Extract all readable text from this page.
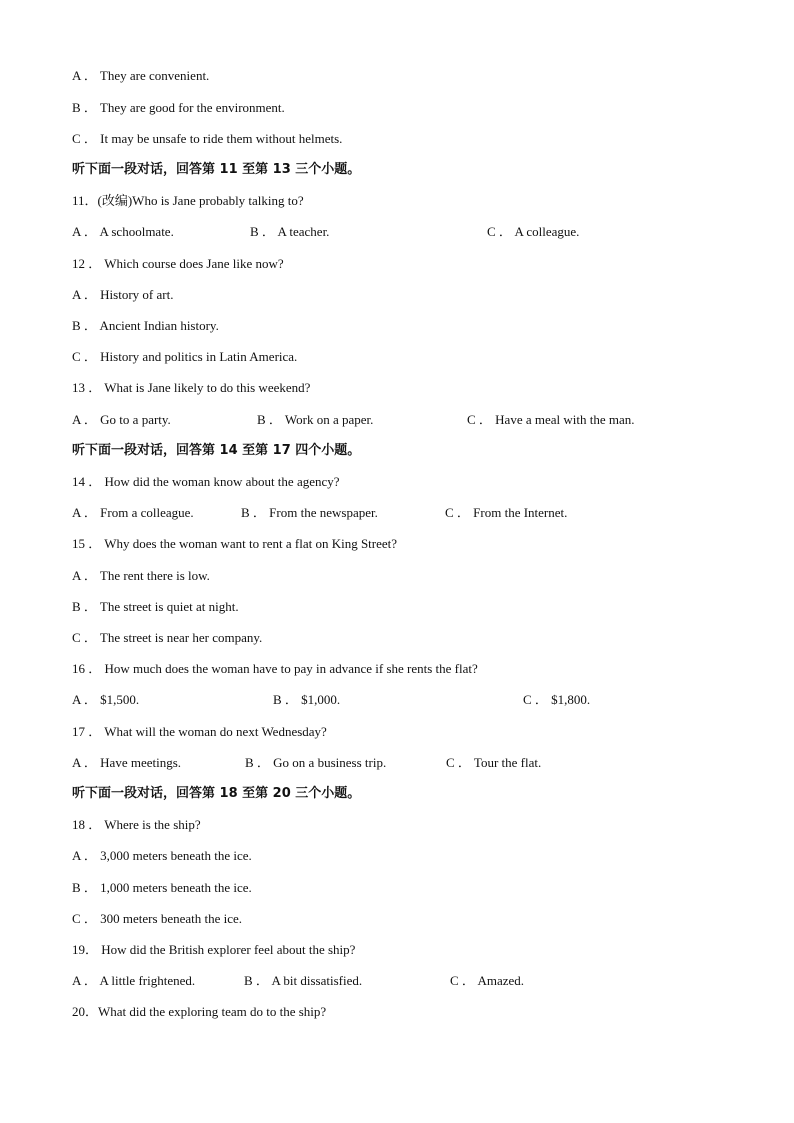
A ． They are convenient.
B ． They are good for the environment.
C ． It may be unsafe to ride them without helmets.
听下面一段对话，回答第 11 至第 13 三个小题。
11．(改编)Who is Jane probably talking to?
A ． A schoolmate.	B ． A teacher.	C ． A colleague.
12 ． Which course does Jane like now?
A ． History of art.
B ． Ancient Indian history.
C ． History and politics in Latin America.
13 ． What is Jane likely to do this weekend?
A ． Go to a party.	B ． Work on a paper.	C ． Have a meal with the man.
听下面一段对话，回答第 14 至第 17 四个小题。
14 ． How did the woman know about the agency?
A ． From a colleague.	B ． From the newspaper.	C ． From the Internet.
15 ． Why does the woman want to rent a flat on King Street?
A ． The rent there is low.
B ． The street is quiet at night.
C ． The street is near her company.
16 ． How much does the woman have to pay in advance if she rents the flat?
A ． $1,500.	B ． $1,000.	C ． $1,800.
17 ． What will the woman do next Wednesday?
A ． Have meetings.	B ． Go on a business trip.	C ． Tour the flat.
听下面一段对话，回答第 18 至第 20 三个小题。
18 ． Where is the ship?
A ． 3,000 meters beneath the ice.
B ． 1,000 meters beneath the ice.
C ． 300 meters beneath the ice.
19． How did the British explorer feel about the ship?
A ． A little frightened.	B ． A bit dissatisfied.	C ． Amazed.
20．What did the exploring team do to the ship?
